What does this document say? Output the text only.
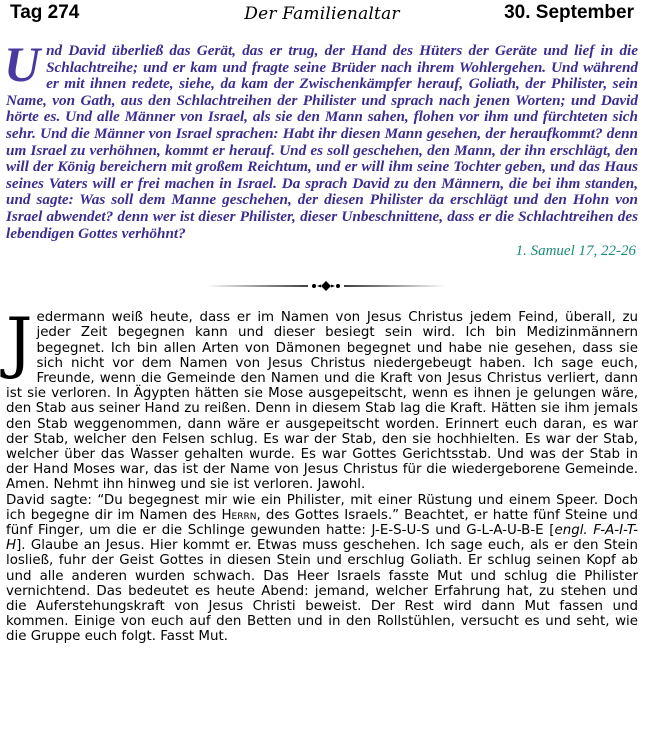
Tag 274	Der Familienaltar	30. September
Und David überließ das Gerät, das er trug, der Hand des Hüters der Geräte und lief in die Schlachtreihe; und er kam und fragte seine Brüder nach ihrem Wohlergehen. Und während er mit ihnen redete, siehe, da kam der Zwischenkämpfer herauf, Goliath, der Philister, sein Name, von Gath, aus den Schlachtreihen der Philister und sprach nach jenen Worten; und David hörte es. Und alle Männer von Israel, als sie den Mann sahen, flohen vor ihm und fürchteten sich sehr. Und die Männer von Israel sprachen: Habt ihr diesen Mann gesehen, der heraufkommt? denn um Israel zu verhöhnen, kommt er herauf. Und es soll geschehen, den Mann, der ihn erschlägt, den will der König bereichern mit großem Reichtum, und er will ihm seine Tochter geben, und das Haus seines Vaters will er frei machen in Israel. Da sprach David zu den Männern, die bei ihm standen, und sagte: Was soll dem Manne geschehen, der diesen Philister da erschlägt und den Hohn von Israel abwendet? denn wer ist dieser Philister, dieser Unbeschnittene, dass er die Schlachtreihen des lebendigen Gottes verhöhnt?
1. Samuel 17, 22-26
J edermann weiß heute, dass er im Namen von Jesus Christus jedem Feind, überall, zu jeder Zeit begegnen kann und dieser besiegt sein wird. Ich bin Medizinmännern begegnet. Ich bin allen Arten von Dämonen begegnet und habe nie gesehen, dass sie sich nicht vor dem Namen von Jesus Christus niedergebeugt haben. Ich sage euch, Freunde, wenn die Gemeinde den Namen und die Kraft von Jesus Christus verliert, dann ist sie verloren. In Ägypten hätten sie Mose ausgepeitscht, wenn es ihnen je gelungen wäre, den Stab aus seiner Hand zu reißen. Denn in diesem Stab lag die Kraft. Hätten sie ihm jemals den Stab weggenommen, dann wäre er ausgepeitscht worden. Erinnert euch daran, es war der Stab, welcher den Felsen schlug. Es war der Stab, den sie hochhielten. Es war der Stab, welcher über das Wasser gehalten wurde. Es war Gottes Gerichtsstab. Und was der Stab in der Hand Moses war, das ist der Name von Jesus Christus für die wiedergeborene Gemeinde. Amen. Nehmt ihn hinweg und sie ist verloren. Jawohl.

David sagte: “Du begegnest mir wie ein Philister, mit einer Rüstung und einem Speer. Doch ich begegne dir im Namen des Herrn, des Gottes Israels.” Beachtet, er hatte fünf Steine und fünf Finger, um die er die Schlinge gewunden hatte: J-E-S-U-S und G-L-A-U-B-E [engl. F-A-I-T-H]. Glaube an Jesus. Hier kommt er. Etwas muss geschehen. Ich sage euch, als er den Stein losließ, fuhr der Geist Gottes in diesen Stein und erschlug Goliath. Er schlug seinen Kopf ab und alle anderen wurden schwach. Das Heer Israels fasste Mut und schlug die Philister vernichtend. Das bedeutet es heute Abend: jemand, welcher Erfahrung hat, zu stehen und die Auferstehungskraft von Jesus Christi beweist. Der Rest wird dann Mut fassen und kommen. Einige von euch auf den Betten und in den Rollstühlen, versucht es und seht, wie die Gruppe euch folgt. Fasst Mut.
